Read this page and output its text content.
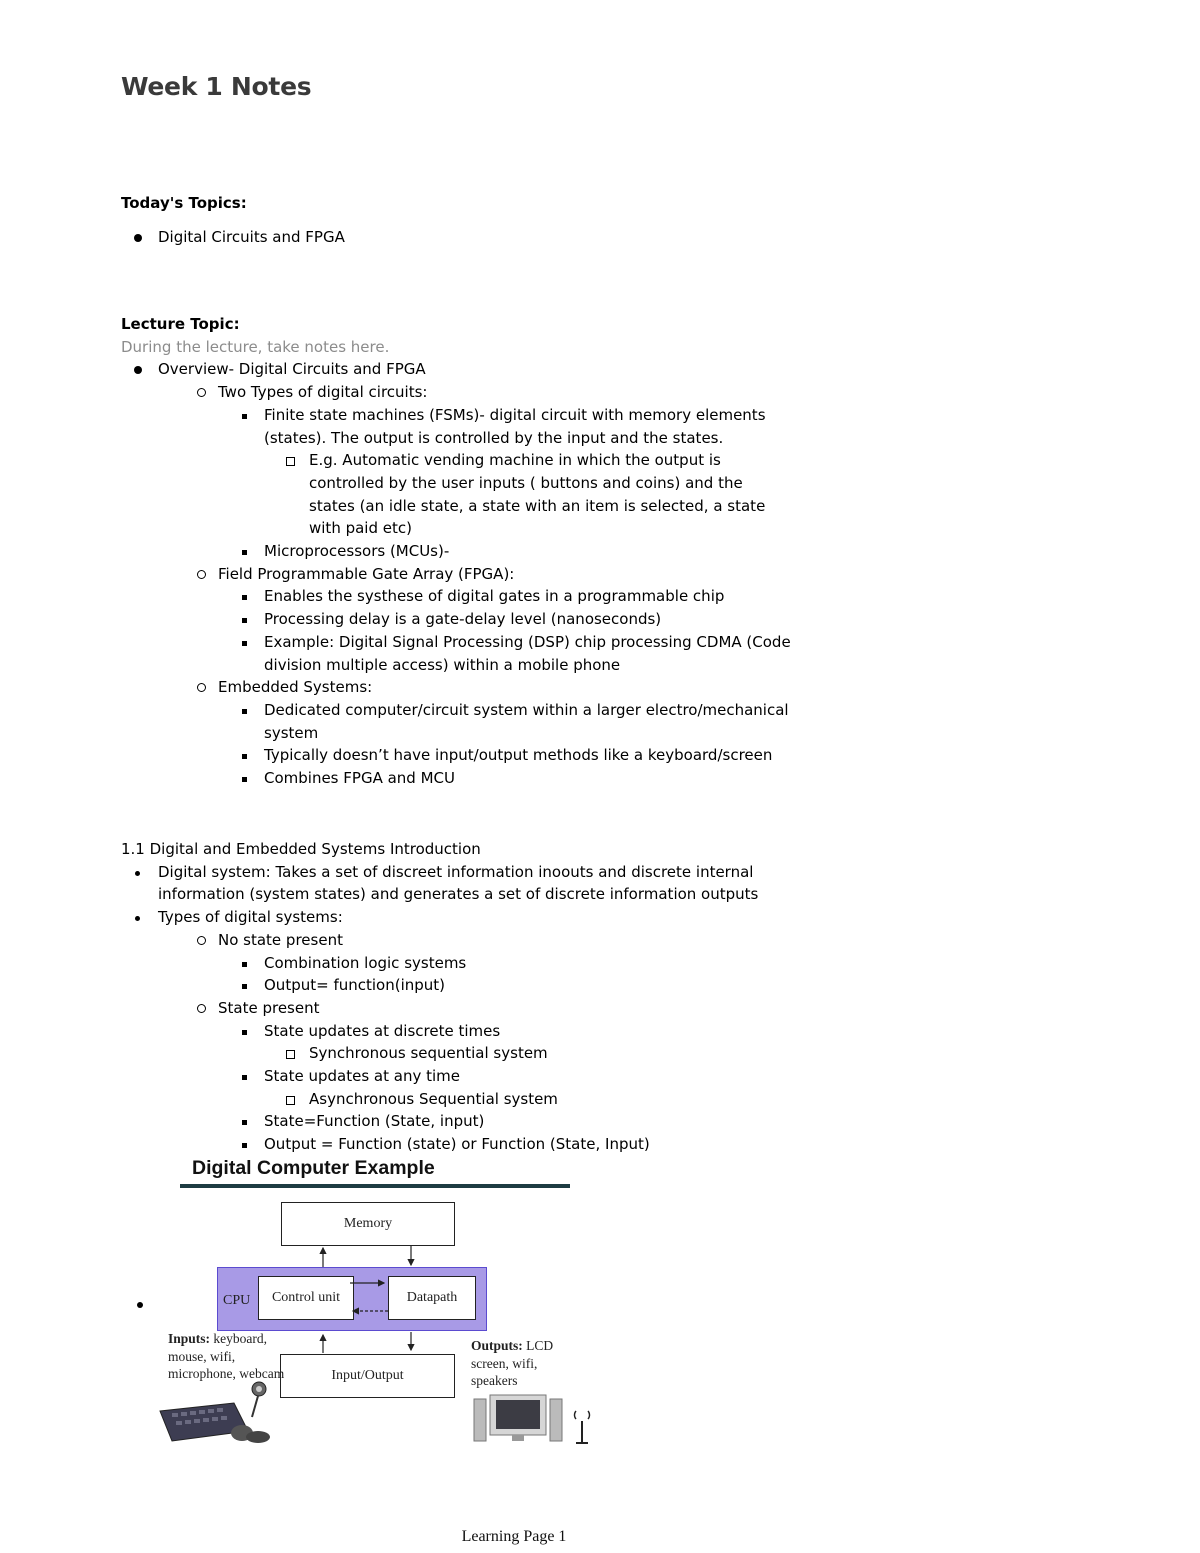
Week 1 Notes
Today's Topics:
Digital Circuits and FPGA
Lecture Topic:
During the lecture, take notes here.
Overview- Digital Circuits and FPGA
Two Types of digital circuits:
Finite state machines (FSMs)- digital circuit with memory elements (states). The output is controlled by the input and the states.
E.g. Automatic vending machine in which the output is controlled by the user inputs ( buttons and coins) and the states (an idle state, a state with an item is selected, a state with paid etc)
Microprocessors (MCUs)-
Field Programmable Gate Array (FPGA):
Enables the systhese of digital gates in a programmable chip
Processing delay is a gate-delay level (nanoseconds)
Example: Digital Signal Processing (DSP) chip processing CDMA (Code division multiple access) within a mobile phone
Embedded Systems:
Dedicated computer/circuit system within a larger electro/mechanical system
Typically doesn’t have input/output methods like a keyboard/screen
Combines FPGA and MCU
1.1 Digital and Embedded Systems Introduction
Digital system: Takes a set of discreet information inoouts and discrete internal information (system states) and generates a set of discrete information outputs
Types of digital systems:
No state present
Combination logic systems
Output= function(input)
State present
State updates at discrete times
Synchronous sequential system
State updates at any time
Asynchronous Sequential system
State=Function (State, input)
Output = Function (state) or Function (State, Input)
Digital Computer Example
Memory
CPU	Control unit	Datapath
Input/Output
Inputs: keyboard, mouse, wifi, microphone, webcam
Outputs: LCD screen, wifi, speakers
Learning Page 1
